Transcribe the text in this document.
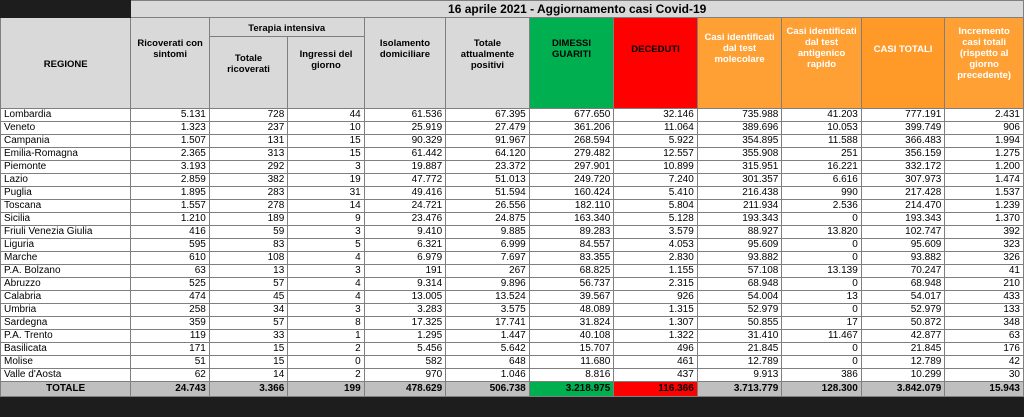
	16 aprile 2021 - Aggiornamento casi Covid-19										
REGIONE	Ricoverati con sintomi	Terapia intensiva		Isolamento domiciliare	Totale attualmente positivi	DIMESSI GUARITI	DECEDUTI	Casi identificati dal test molecolare	Casi identificati dal test antigenico rapido	CASI TOTALI	Incremento casi totali (rispetto al giorno precedente)
		Totale ricoverati	Ingressi del giorno								
Lombardia	5.131	728	44	61.536	67.395	677.650	32.146	735.988	41.203	777.191	2.431
Veneto	1.323	237	10	25.919	27.479	361.206	11.064	389.696	10.053	399.749	906
Campania	1.507	131	15	90.329	91.967	268.594	5.922	354.895	11.588	366.483	1.994
Emilia-Romagna	2.365	313	15	61.442	64.120	279.482	12.557	355.908	251	356.159	1.275
Piemonte	3.193	292	3	19.887	23.372	297.901	10.899	315.951	16.221	332.172	1.200
Lazio	2.859	382	19	47.772	51.013	249.720	7.240	301.357	6.616	307.973	1.474
Puglia	1.895	283	31	49.416	51.594	160.424	5.410	216.438	990	217.428	1.537
Toscana	1.557	278	14	24.721	26.556	182.110	5.804	211.934	2.536	214.470	1.239
Sicilia	1.210	189	9	23.476	24.875	163.340	5.128	193.343	0	193.343	1.370
Friuli Venezia Giulia	416	59	3	9.410	9.885	89.283	3.579	88.927	13.820	102.747	392
Liguria	595	83	5	6.321	6.999	84.557	4.053	95.609	0	95.609	323
Marche	610	108	4	6.979	7.697	83.355	2.830	93.882	0	93.882	326
P.A. Bolzano	63	13	3	191	267	68.825	1.155	57.108	13.139	70.247	41
Abruzzo	525	57	4	9.314	9.896	56.737	2.315	68.948	0	68.948	210
Calabria	474	45	4	13.005	13.524	39.567	926	54.004	13	54.017	433
Umbria	258	34	3	3.283	3.575	48.089	1.315	52.979	0	52.979	133
Sardegna	359	57	8	17.325	17.741	31.824	1.307	50.855	17	50.872	348
P.A. Trento	119	33	1	1.295	1.447	40.108	1.322	31.410	11.467	42.877	63
Basilicata	171	15	2	5.456	5.642	15.707	496	21.845	0	21.845	176
Molise	51	15	0	582	648	11.680	461	12.789	0	12.789	42
Valle d'Aosta	62	14	2	970	1.046	8.816	437	9.913	386	10.299	30
TOTALE	24.743	3.366	199	478.629	506.738	3.218.975	116.366	3.713.779	128.300	3.842.079	15.943
